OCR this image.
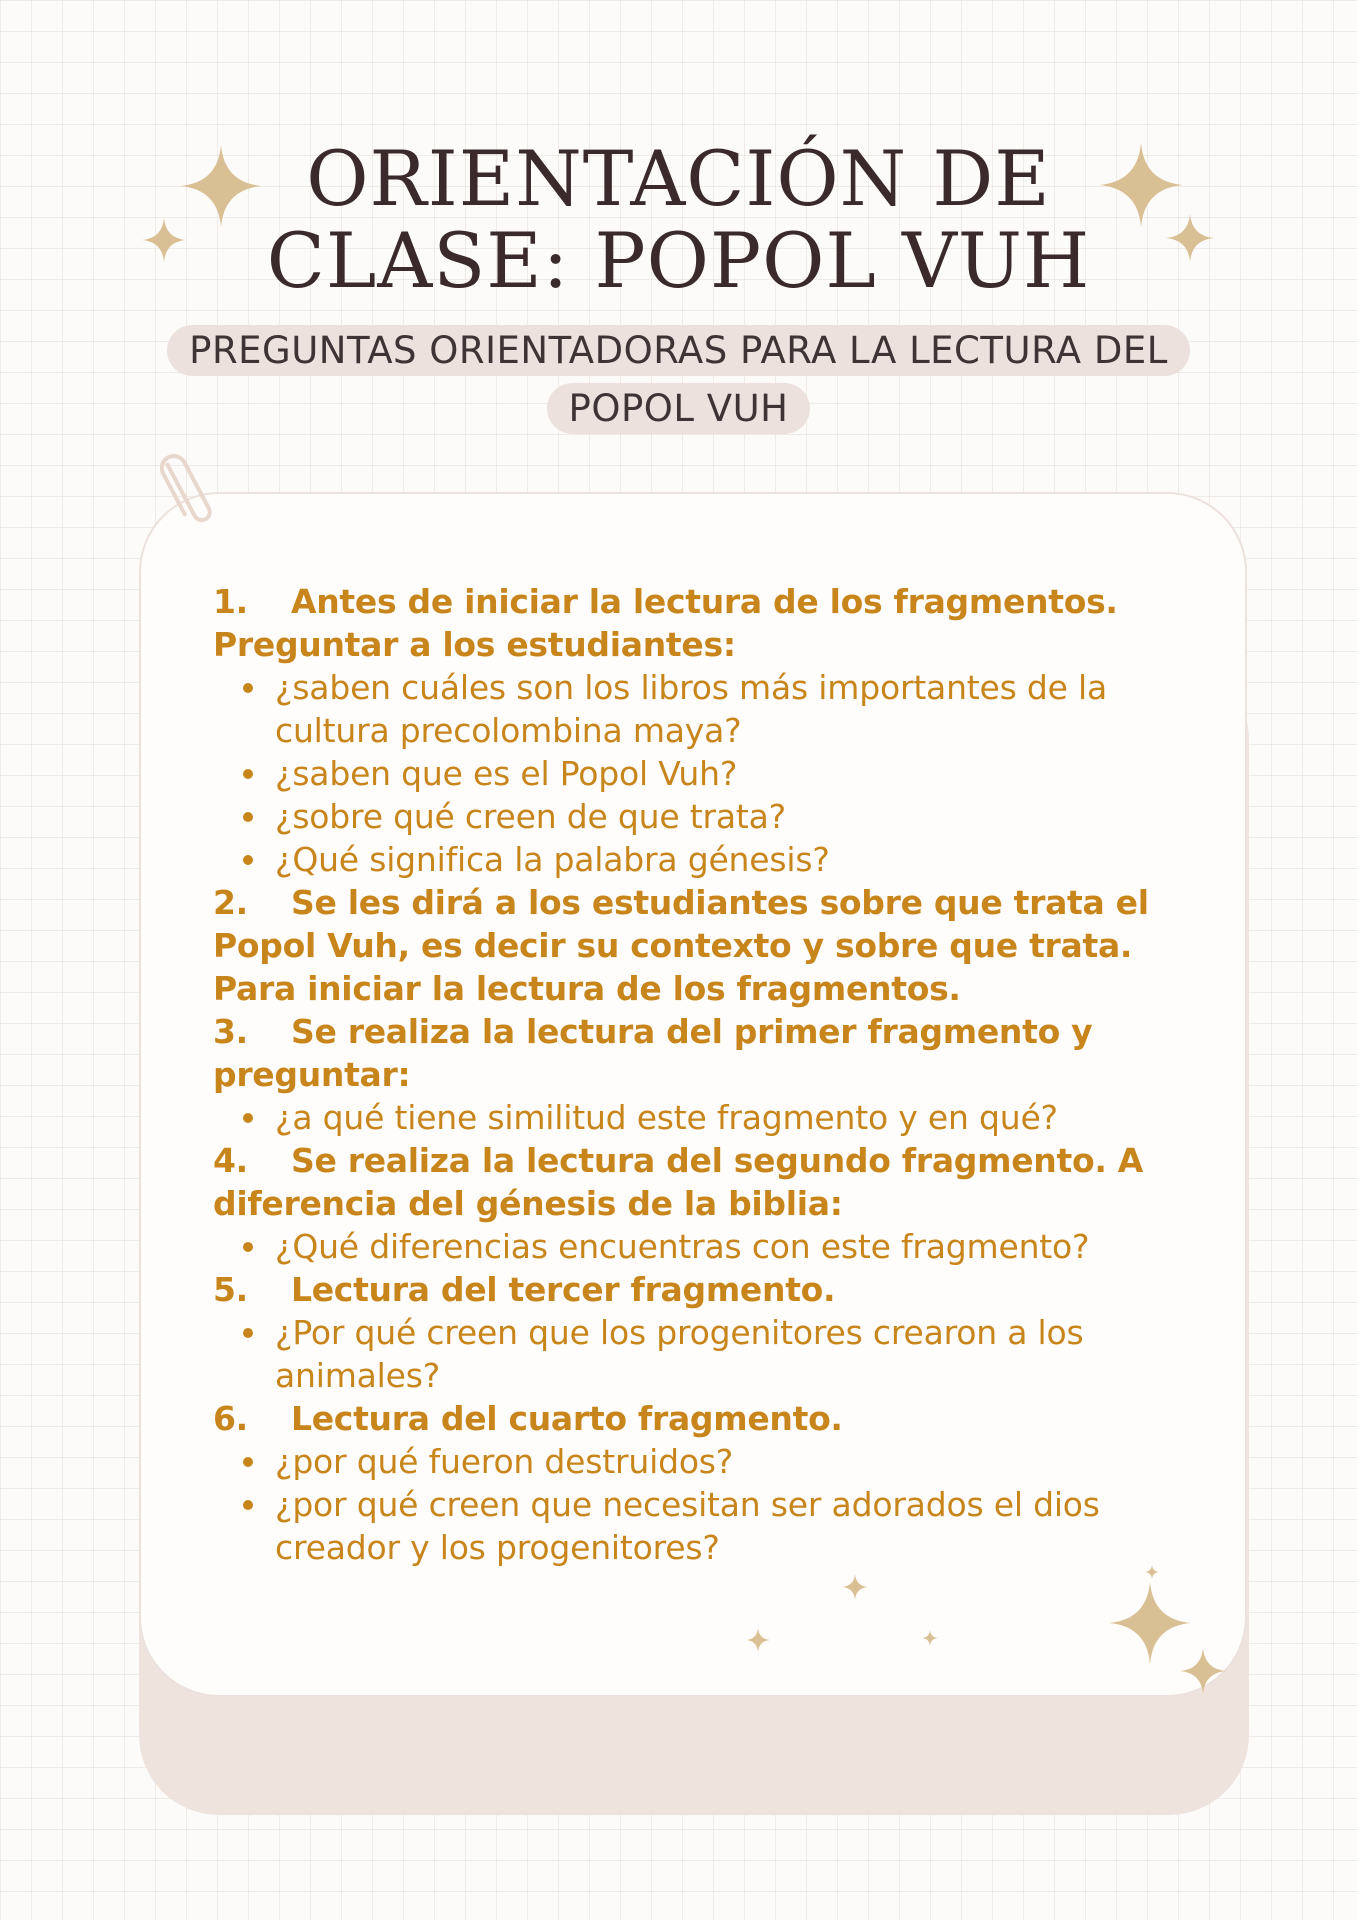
ORIENTACIÓN DE
CLASE: POPOL VUH
PREGUNTAS ORIENTADORAS PARA LA LECTURA DEL POPOL VUH
1. Antes de iniciar la lectura de los fragmentos. Preguntar a los estudiantes:
¿saben cuáles son los libros más importantes de la cultura precolombina maya?
¿saben que es el Popol Vuh?
¿sobre qué creen de que trata?
¿Qué significa la palabra génesis?
2. Se les dirá a los estudiantes sobre que trata el Popol Vuh, es decir su contexto y sobre que trata. Para iniciar la lectura de los fragmentos.
3. Se realiza la lectura del primer fragmento y preguntar:
¿a qué tiene similitud este fragmento y en qué?
4. Se realiza la lectura del segundo fragmento. A diferencia del génesis de la biblia:
¿Qué diferencias encuentras con este fragmento?
5. Lectura del tercer fragmento.
¿Por qué creen que los progenitores crearon a los animales?
6. Lectura del cuarto fragmento.
¿por qué fueron destruidos?
¿por qué creen que necesitan ser adorados el dios creador y los progenitores?
